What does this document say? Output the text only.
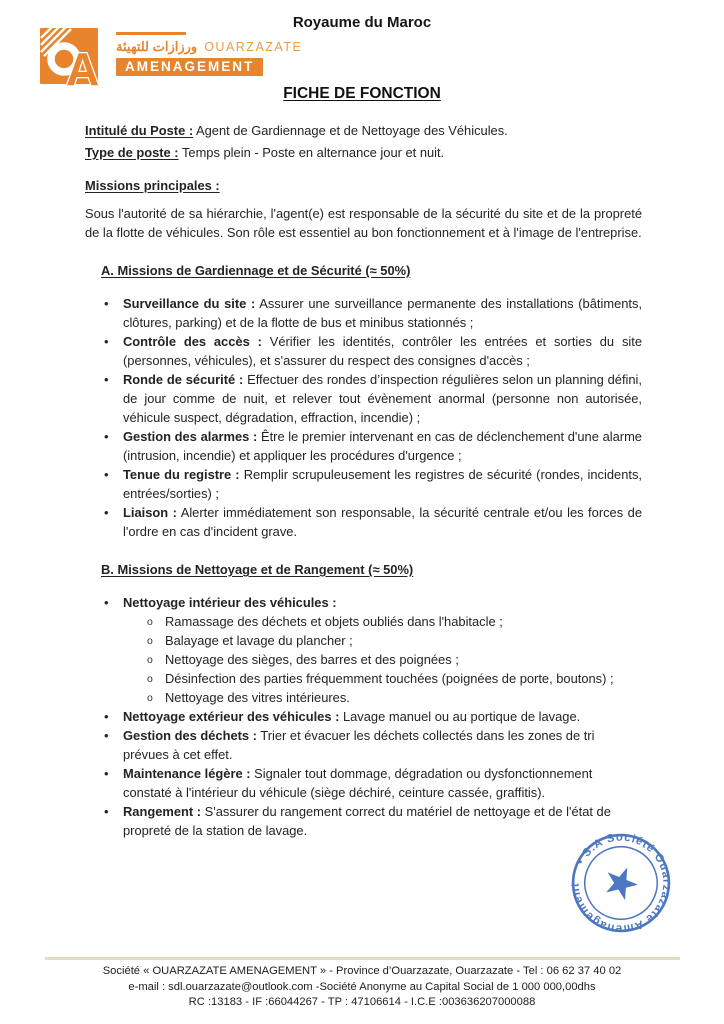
Royaume du Maroc
A ورزازات للتهيئة OUARZAZATE
AMENAGEMENT
FICHE DE FONCTION
Intitulé du Poste : Agent de Gardiennage et de Nettoyage des Véhicules.
Type de poste : Temps plein - Poste en alternance jour et nuit.
Missions principales :
Sous l'autorité de sa hiérarchie, l'agent(e) est responsable de la sécurité du site et de la propreté de la flotte de véhicules. Son rôle est essentiel au bon fonctionnement et à l'image de l'entreprise.
A. Missions de Gardiennage et de Sécurité (≈ 50%)
• Surveillance du site : Assurer une surveillance permanente des installations (bâtiments, clôtures, parking) et de la flotte de bus et minibus stationnés ;
• Contrôle des accès : Vérifier les identités, contrôler les entrées et sorties du site (personnes, véhicules), et s'assurer du respect des consignes d'accès ;
• Ronde de sécurité : Effectuer des rondes d’inspection régulières selon un planning défini, de jour comme de nuit, et relever tout évènement anormal (personne non autorisée, véhicule suspect, dégradation, effraction, incendie) ;
• Gestion des alarmes : Être le premier intervenant en cas de déclenchement d'une alarme (intrusion, incendie) et appliquer les procédures d'urgence ;
• Tenue du registre : Remplir scrupuleusement les registres de sécurité (rondes, incidents, entrées/sorties) ;
• Liaison : Alerter immédiatement son responsable, la sécurité centrale et/ou les forces de l'ordre en cas d'incident grave.
B. Missions de Nettoyage et de Rangement (≈ 50%)
• Nettoyage intérieur des véhicules :
o Ramassage des déchets et objets oubliés dans l'habitacle ;
o Balayage et lavage du plancher ;
o Nettoyage des sièges, des barres et des poignées ;
o Désinfection des parties fréquemment touchées (poignées de porte, boutons) ;
o Nettoyage des vitres intérieures.
• Nettoyage extérieur des véhicules : Lavage manuel ou au portique de lavage.
• Gestion des déchets : Trier et évacuer les déchets collectés dans les zones de tri prévues à cet effet.
• Maintenance légère : Signaler tout dommage, dégradation ou dysfonctionnement constaté à l'intérieur du véhicule (siège déchiré, ceinture cassée, graffitis).
• Rangement : S'assurer du rangement correct du matériel de nettoyage et de l'état de propreté de la station de lavage.
• S.A Société Ouarzazate Amenagement ★
Société « OUARZAZATE AMENAGEMENT » - Province d’Ouarzazate, Ouarzazate - Tel : 06 62 37 40 02
e-mail : sdl.ouarzazate@outlook.com -Société Anonyme au Capital Social de 1 000 000,00dhs
RC :13183 - IF :66044267 - TP : 47106614 - I.C.E :003636207000088
